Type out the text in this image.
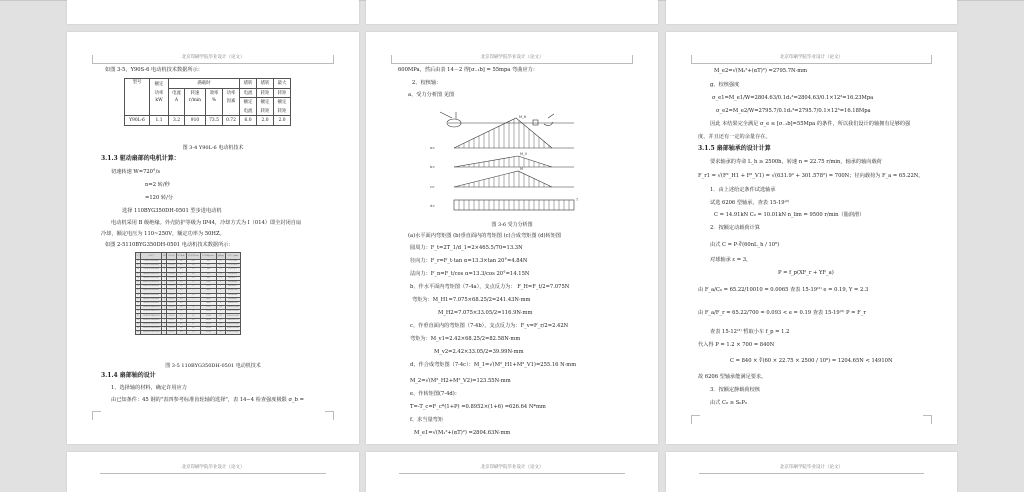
北京印刷学院毕业设计（论文）
如图 3-5，Y90S-6 电动机技术数据所示：
型号	额定	满载时				堵转	堵转	最大
	功率	电流	转速	效率	功率	电流	转矩	转矩
	kW	A	r/min	%	因素	额定	额定	额定
						电流	转矩	转矩
Y90L-6	1.1	3.2	910	73.5	0.72	6.0	2.0	2.0
图 3-4 Y90L-6 电动机技术
3.1.3 驱动扇部的电机计算：
切速转速 W=720°/s
n=2 转/秒
=120 转/分
选择 110BYG350DH-0501 型步进电动机
电动机采用 B 级绝缘。外壳防护等级为 IP44，冷却方式为 I（014）即全封闭自扇
冷却，额定电压为 110~250V，额定功率为 50HZ。
如图 2-5110BYG350DH-0501 电动机技术数据所示：
序号	基本型号	相数	步距角(°)	相电流(A)	保持转矩(N·m)	转动惯量(g·cm²)	重量(kg)	外形尺寸(mm)
24	57BYG250DL-0801	2	0.9/1.8	8.0	0.45	100	0.5	57×57×41
25	57BYG250DL-0801	2	0.9/1.8	8.0	0.9	200	0.75	57×57×54
26	57BYG250DL-0801	2	0.9/1.8	8.0	1.5	380	1.1	57×57×77
27	86BYG250DL-0501	2	0.9/1.8	4.5	0.9	300	0.8	86×86×58
28	86BYG250DL-0501	2	0.9/1.8	4.5	1.5	480	1.3	86×86×77
29	86BYG350DH-0301	3	0.6/1.2	3.0	3.5	1320	2	86×86×80
30	86BYG350DH-0301	3	0.6/1.2	3.0	6	2400	3	86×86×97
31	86BYG350DH-0301	3	0.6/1.2	3.0	7	3480	4	86×86×126
32	86BYG350DL-0601	3	0.6/1.2	6.0	3.5	1320	2	86×86×80
33	86BYG350DL-0601	3	0.6/1.2	6.0	5	2400	3	86×86×97
34	86BYG350DL-0601	3	0.6/1.2	6.0	7	3480	4	86×86×126
35	110BYG350DH-0501	3	0.6/1.2	5.0	8	9700	6.6	110×110×148
36	110BYG350DH-0501	3	0.6/1.2	5.0	12	10900	8	110×110×163
37	110BYG350DH-0501	3	0.6/1.2	5.0	16	17400	11.1	110×110×216
38	130BYG350DH-0602	3	0.6/1.2	6.0	20	23000	13.5	130×130×173
39	130BYG350DH-0602	3	0.6/1.2	6.0	25	26000	16.5	130×130×196
40	130BYG350DH-0602	3	0.6/1.2	6.0	28	30000	17.5	130×130×226
41	130BYG350DH-0602	3	0.6/1.2	6.0	50	65600	23	130×130×262
图 3-5 110BYG350DH-0501 电动机技术
3.1.4 扇部轴的设计
1、选择轴的材料，确定许用应力
由已知条件：45 钢的"表四参考标准齿轮轴的选择"，表 14−4 检查强度极限 σ_b =
北京印刷学院毕业设计（论文）
600MPa，然后由表 14－2 得[σ₋₁b] = 55mpa 弯曲应力：
2、校核轴：
a、受力分析图 见图
a>
b>
c>
d>
M_H
M_V
M
T
图 3-6 受力分析图
(a)水平面内弯矩图 (b)垂直面内的弯矩图 (c)合成弯矩图 (d)转矩图
圆周力：F_t=2T_1/d_1=2×465.5/70=13.3N
径向力：F_r=F_t·tan α=13.3×tan 20°=4.84N
法向力：F_n=F_t/cos α=13.3/cos 20°=14.15N
b、作水平面内弯矩图（7-4a），支点反力为： F_H=F_t/2=7.075N
弯矩为：M_H1=7.075×68.25/2=241.43N·mm
M_H2=7.075×33.05/2=116.9N·mm
c、作垂直面内的弯矩图（7-4b），支点反力为：F_v=F_r/2=2.42N
弯矩为：M_v1=2.42×68.25/2=82.58N·mm
M_v2=2.42×33.05/2=39.99N·mm
d、作合成弯矩图（7-4c）：M_1=√(M²_H1+M²_V1)=255.16 N·mm
M_2=√(M²_H2+M²_V2)=123.55N·mm
e、作转矩图(7-4d)：
T=-T_c=F_c*(1+P) =0.8952×(1+6) =626.64 N*mm
f、求当量弯矩
M_e1=√(M₁²+(αT)²) =2804.63N·mm
北京印刷学院毕业设计（论文）
M_e2=√(M₂²+(αT)²) =2795.7N·mm
g、校核强度
σ_e1=M_e1/W=2804.63/0.1d₁³=2804.63/0.1×12³=16.23Mpa
σ_e2=M_e2/W=2795.7/0.1d₁³=2795.7/0.1×12³=16.18Mpa
因此 本结果完全满足 σ_e ≤ [σ₋₁b]=55Mpa 的条件，所以我们设计的轴拥有足够的强
度，并且还有一定的余量存在。
3.1.5 扇部轴承的设计计算
要求轴承的寿命 L_h ≥ 2500h，转速 n = 22.75 r/min，轴承的轴向载荷
F_r1 = √(F²_H1 + F²_V1) = √(631.9² + 301.578²) = 700N；径向载荷为 F_a = 65.22N。
1．由上述给定条件试选轴承
试选 6206 型轴承，查表 15-19⁽²⁾
C = 14.91kN C₀ = 10.01kN n_lim = 9500 r/min（脂润滑）
2．按额定动载荷计算
由式 C = P·∛(60nL_h / 10⁶)
对球轴承 ε = 3，
P = f_p(XF_r + YF_a)
由 F_a/C₀ = 65.22/10010 = 0.0065 查表 15-19⁽²⁾ e = 0.19, Y = 2.3
由 F_a/F_r = 65.22/700 = 0.093 < e = 0.19 查表 15-19⁽²⁾ P = F_r
查表 15-12⁽²⁾ 暂取小车 f_p = 1.2
代入得 P = 1.2 × 700 = 840N
C = 840 × ∛(60 × 22.75 × 2500 / 10⁶) = 1204.65N < 14910N
故 6206 型轴承能满足要求。
3．按额定静载荷校核
由式 C₀ ≥ S₀P₀
北京印刷学院毕业设计（论文）	北京印刷学院毕业设计（论文）	北京印刷学院毕业设计（论文）
